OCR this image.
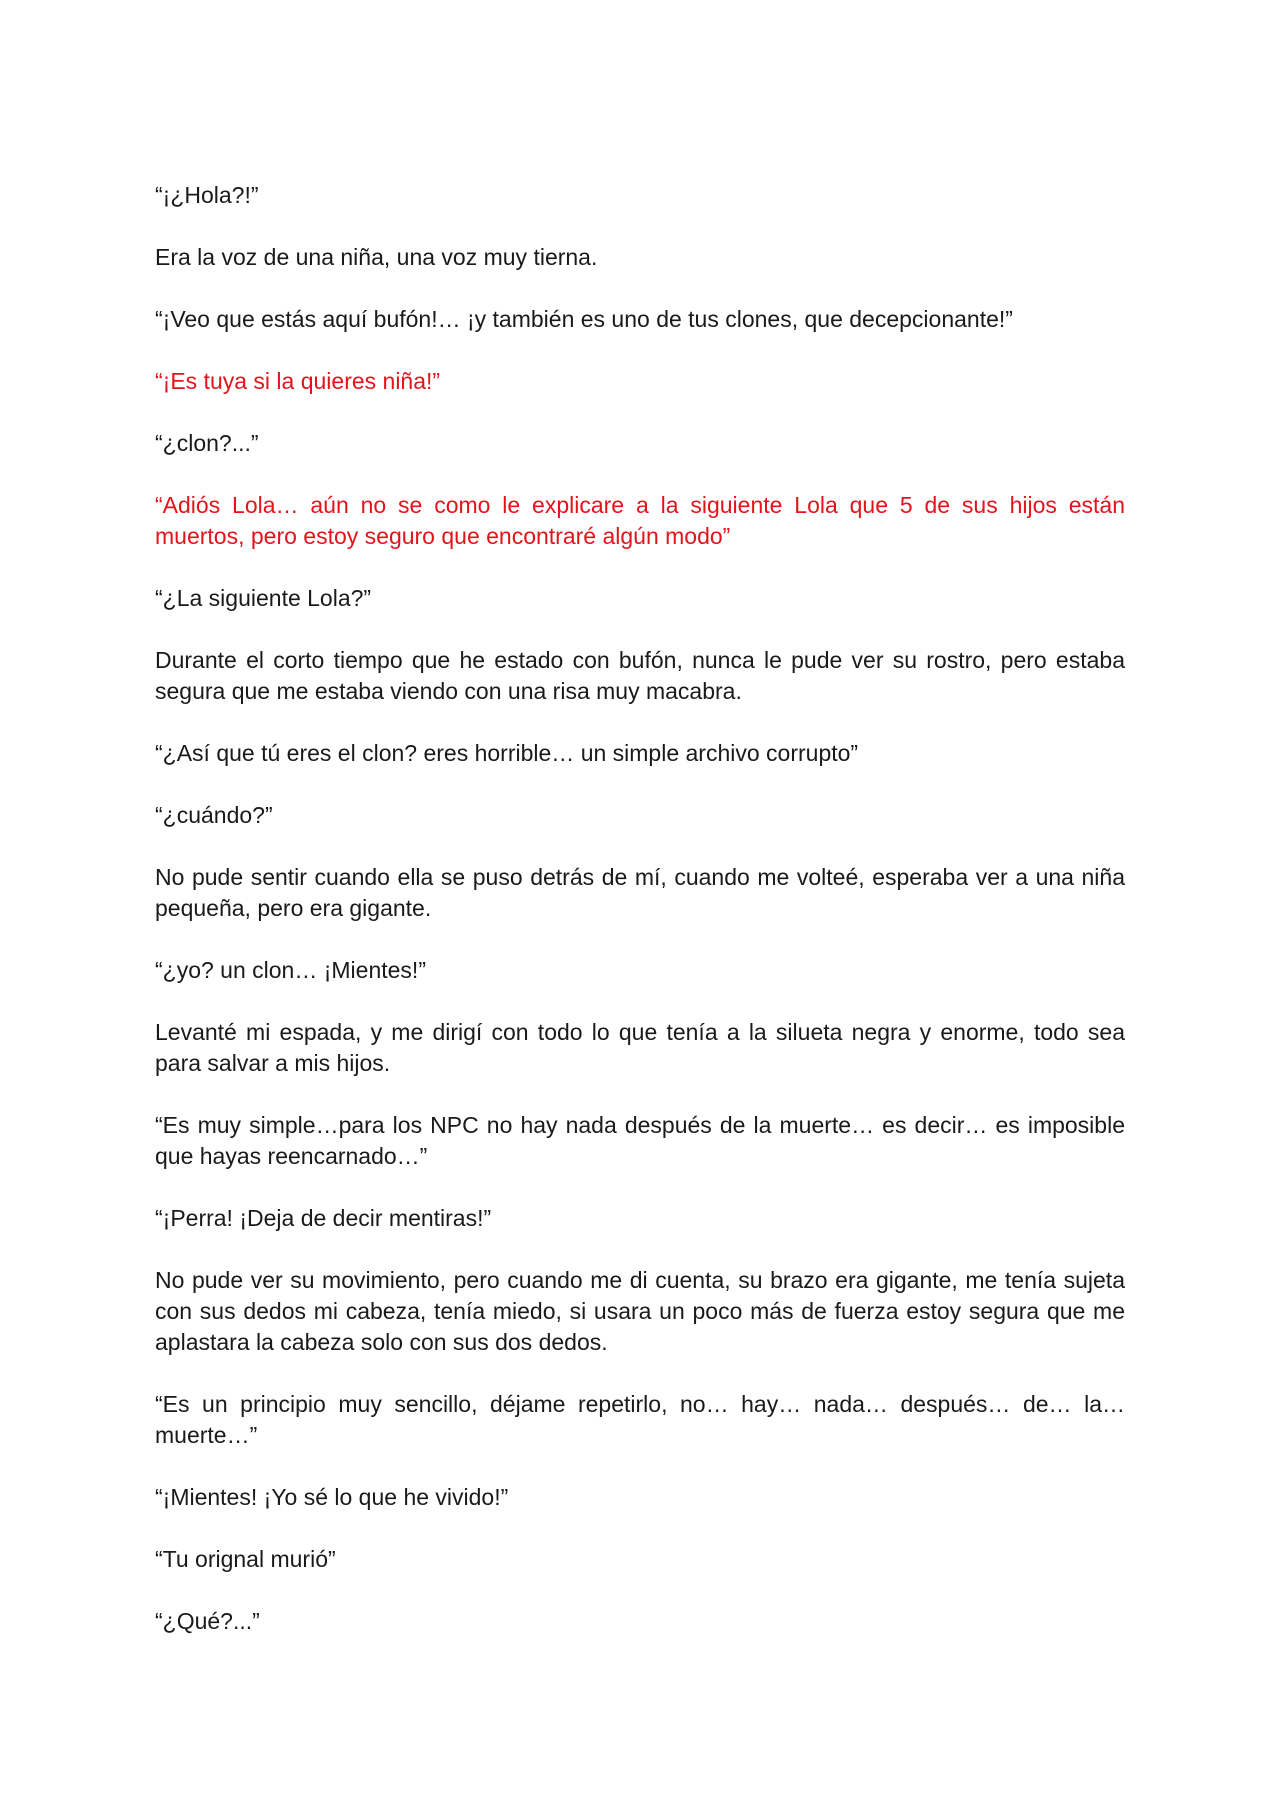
“¡¿Hola?!”

Era la voz de una niña, una voz muy tierna.

“¡Veo que estás aquí bufón!… ¡y también es uno de tus clones, que decepcionante!”

“¡Es tuya si la quieres niña!”

“¿clon?...”

“Adiós Lola… aún no se como le explicare a la siguiente Lola que 5 de sus hijos están muertos, pero estoy seguro que encontraré algún modo”

“¿La siguiente Lola?”

Durante el corto tiempo que he estado con bufón, nunca le pude ver su rostro, pero estaba segura que me estaba viendo con una risa muy macabra.

“¿Así que tú eres el clon? eres horrible… un simple archivo corrupto”

“¿cuándo?”

No pude sentir cuando ella se puso detrás de mí, cuando me volteé, esperaba ver a una niña pequeña, pero era gigante.

“¿yo? un clon… ¡Mientes!”

Levanté mi espada, y me dirigí con todo lo que tenía a la silueta negra y enorme, todo sea para salvar a mis hijos.

“Es muy simple…para los NPC no hay nada después de la muerte… es decir… es imposible que hayas reencarnado…”

“¡Perra! ¡Deja de decir mentiras!”

No pude ver su movimiento, pero cuando me di cuenta, su brazo era gigante, me tenía sujeta con sus dedos mi cabeza, tenía miedo, si usara un poco más de fuerza estoy segura que me aplastara la cabeza solo con sus dos dedos.

“Es un principio muy sencillo, déjame repetirlo, no… hay… nada… después… de… la… muerte…”

“¡Mientes! ¡Yo sé lo que he vivido!”

“Tu orignal murió”

“¿Qué?...”
